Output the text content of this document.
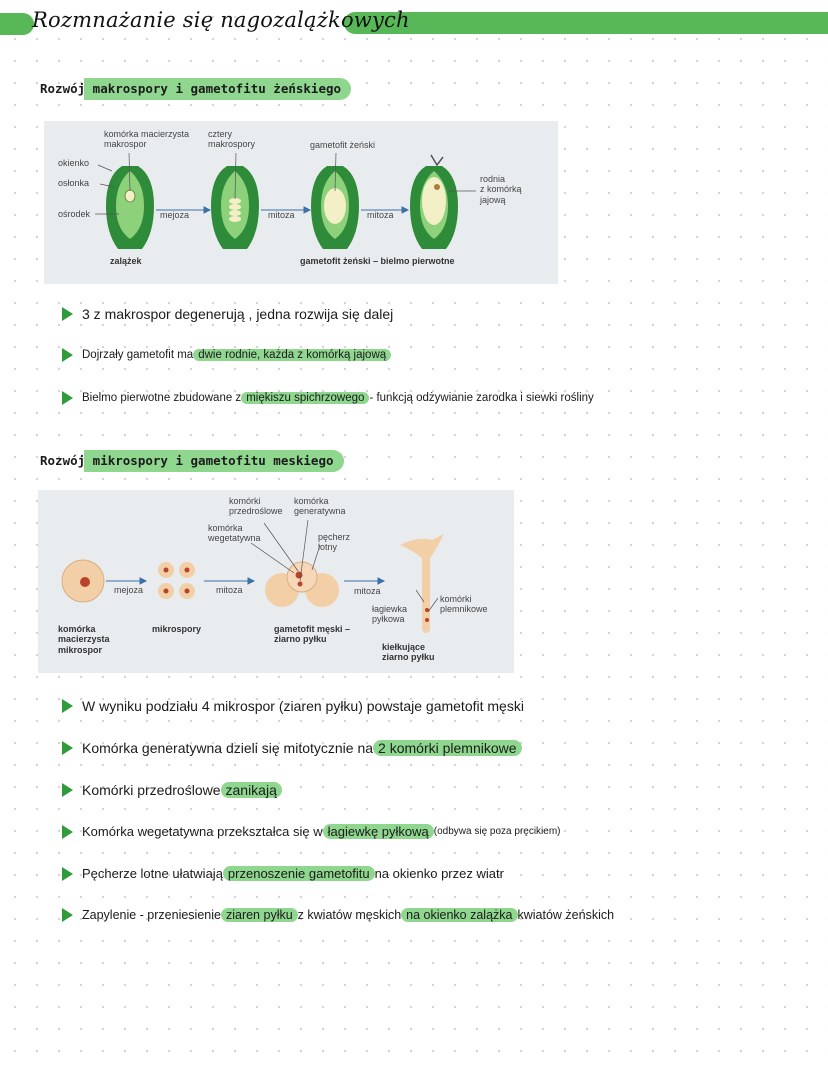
Rozmnażanie się nagozalążkowych
Rozwój makrospory i gametofitu żeńskiego
komórka macierzysta
makrospor
cztery
makrospory	gametofit żeński
okienko
osłonka
ośrodek	mejoza	mitoza	mitoza
rodnia
z komórką
jajową
zalążek	gametofit żeński – bielmo pierwotne
3 z makrospor degenerują , jedna rozwija się dalej
Dojrzały gametofit ma dwie rodnie, każda z komórką jajową
Bielmo pierwotne zbudowane z miękiszu spichrzowego - funkcją odżywianie zarodka i siewki rośliny
Rozwój mikrospory i gametofitu meskiego
komórki
przedroślowe
komórka
generatywna
komórka
wegetatywna	pęcherz
lotny
mejoza	mitoza	mitoza
komórki
plemnikowe
łagiewka
pyłkowa
komórka
macierzysta
mikrospor
mikrospory	gametofit męski –
ziarno pyłku
kiełkujące
ziarno pyłku
W wyniku podziału 4 mikrospor (ziaren pyłku) powstaje gametofit męski
Komórka generatywna dzieli się mitotycznie na 2 komórki plemnikowe
Komórki przedroślowe zanikają
Komórka wegetatywna przekształca się w łagiewkę pyłkową (odbywa się poza pręcikiem)
Pęcherze lotne ułatwiają przenoszenie gametofitu na okienko przez wiatr
Zapylenie - przeniesienie ziaren pyłku z kwiatów męskich na okienko zalążka kwiatów żeńskich
